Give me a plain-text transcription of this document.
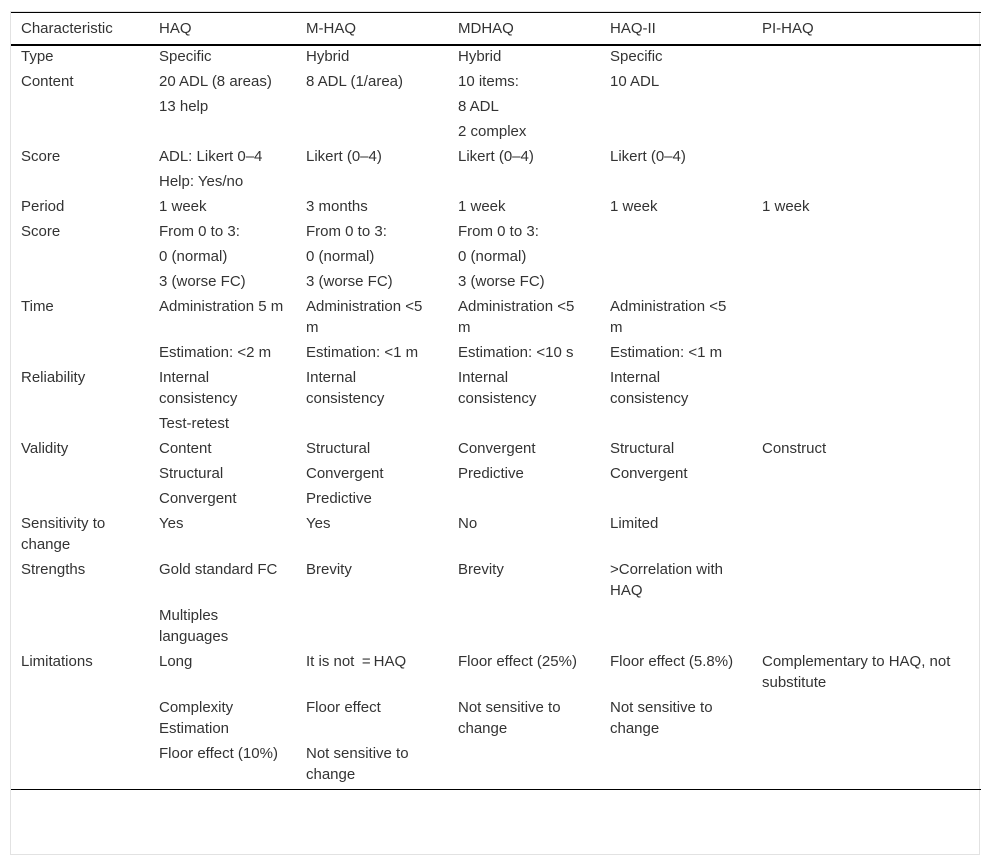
Characteristic	HAQ	M-HAQ	MDHAQ	HAQ-II	PI-HAQ
Type	Specific	Hybrid	Hybrid	Specific	
Content	20 ADL (8 areas)	8 ADL (1/area)	10 items:	10 ADL	
	13 help		8 ADL		
			2 complex		
Score	ADL: Likert 0–4	Likert (0–4)	Likert (0–4)	Likert (0–4)	
	Help: Yes/no				
Period	1 week	3 months	1 week	1 week	1 week
Score	From 0 to 3:	From 0 to 3:	From 0 to 3:		
	0 (normal)	0 (normal)	0 (normal)		
	3 (worse FC)	3 (worse FC)	3 (worse FC)		
Time	Administration 5 m	Administration <5 m	Administration <5 m	Administration <5 m	
	Estimation: <2 m	Estimation: <1 m	Estimation: <10 s	Estimation: <1 m	
Reliability	Internal consistency	Internal consistency	Internal consistency	Internal consistency	
	Test-retest				
Validity	Content	Structural	Convergent	Structural	Construct
	Structural	Convergent	Predictive	Convergent	
	Convergent	Predictive			
Sensitivity to change	Yes	Yes	No	Limited	
Strengths	Gold standard FC	Brevity	Brevity	>Correlation with HAQ	
	Multiples languages				
Limitations	Long	It is not = HAQ	Floor effect (25%)	Floor effect (5.8%)	Complementary to HAQ, not substitute
	Complexity Estimation	Floor effect	Not sensitive to change	Not sensitive to change	
	Floor effect (10%)	Not sensitive to change			
